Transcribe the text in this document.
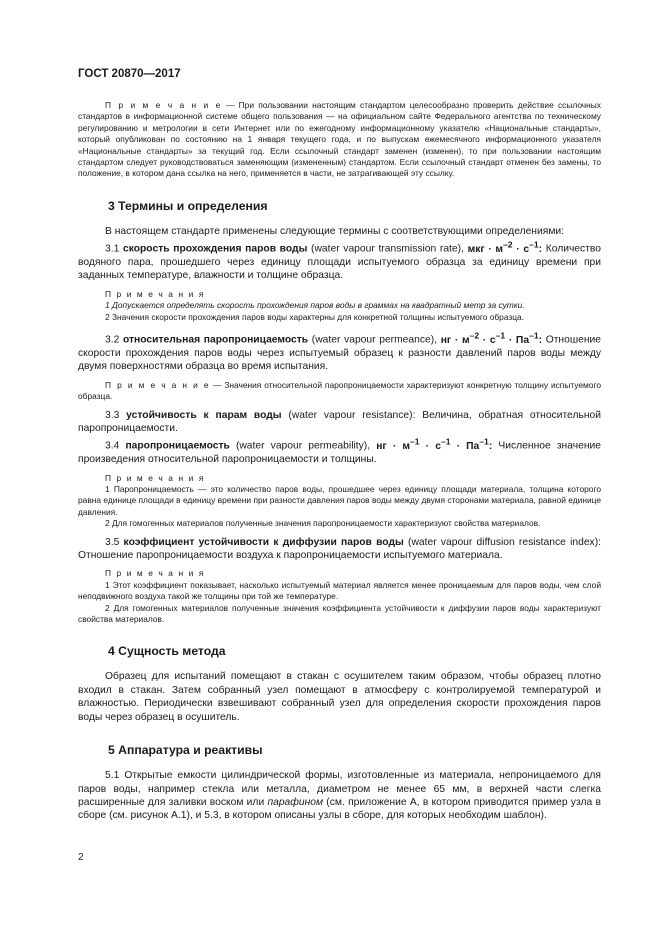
ГОСТ 20870—2017

П р и м е ч а н и е — При пользовании настоящим стандартом целесообразно проверить действие ссылочных стандартов в информационной системе общего пользования — на официальном сайте Федерального агентства по техническому регулированию и метрологии в сети Интернет или по ежегодному информационному указателю «Национальные стандарты», который опубликован по состоянию на 1 января текущего года, и по выпускам ежемесячного информационного указателя «Национальные стандарты» за текущий год. Если ссылочный стандарт заменен (изменен), то при пользовании настоящим стандартом следует руководствоваться заменяющим (измененным) стандартом. Если ссылочный стандарт отменен без замены, то положение, в котором дана ссылка на него, применяется в части, не затрагивающей эту ссылку.

3 Термины и определения

В настоящем стандарте применены следующие термины с соответствующими определениями:

3.1 скорость прохождения паров воды (water vapour transmission rate), мкг · $м^{-2} \cdot с^{-1}$: Количество водяного пара, прошедшего через единицу площади испытуемого образца за единицу времени при заданных температуре, влажности и толщине образца.

П р и м е ч а н и я

1 Допускается определять скорость прохождения паров воды в граммах на квадратный метр за сутки.

2 Значения скорости прохождения паров воды характерны для конкретной толщины испытуемого образца.

3.2 относительная паропроницаемость (water vapour permeance), нг · $м^{-2} \cdot с^{-1} \cdot Па^{-1}$: Отношение скорости прохождения паров воды через испытуемый образец к разности давлений паров воды между двумя поверхностями образца во время испытания.

П р и м е ч а н и е — Значения относительной паропроницаемости характеризуют конкретную толщину испытуемого образца.

3.3 устойчивость к парам воды (water vapour resistance): Величина, обратная относительной паропроницаемости.

3.4 паропроницаемость (water vapour permeability), нг · $м^{-1} \cdot с^{-1} \cdot Па^{-1}$: Численное значение произведения относительной паропроницаемости и толщины.

П р и м е ч а н и я

1 Паропроницаемость — это количество паров воды, прошедшее через единицу площади материала, толщина которого равна единице площади в единицу времени при разности давления паров воды между двумя сторонами материала, равной единице давления.

2 Для гомогенных материалов полученные значения паропроницаемости характеризуют свойства материалов.

3.5 коэффициент устойчивости к диффузии паров воды (water vapour diffusion resistance index): Отношение паропроницаемости воздуха к паропроницаемости испытуемого материала.

П р и м е ч а н и я

1 Этот коэффициент показывает, насколько испытуемый материал является менее проницаемым для паров воды, чем слой неподвижного воздуха такой же толщины при той же температуре.

2 Для гомогенных материалов полученные значения коэффициента устойчивости к диффузии паров воды характеризуют свойства материалов.

4 Сущность метода

Образец для испытаний помещают в стакан с осушителем таким образом, чтобы образец плотно входил в стакан. Затем собранный узел помещают в атмосферу с контролируемой температурой и влажностью. Периодически взвешивают собранный узел для определения скорости прохождения паров воды через образец в осушитель.

5 Аппаратура и реактивы

5.1 Открытые емкости цилиндрической формы, изготовленные из материала, непроницаемого для паров воды, например стекла или металла, диаметром не менее 65 мм, в верхней части слегка расширенные для заливки воском или парафином (см. приложение А, в котором приводится пример узла в сборе (см. рисунок А.1), и 5.3, в котором описаны узлы в сборе, для которых необходим шаблон).

2
